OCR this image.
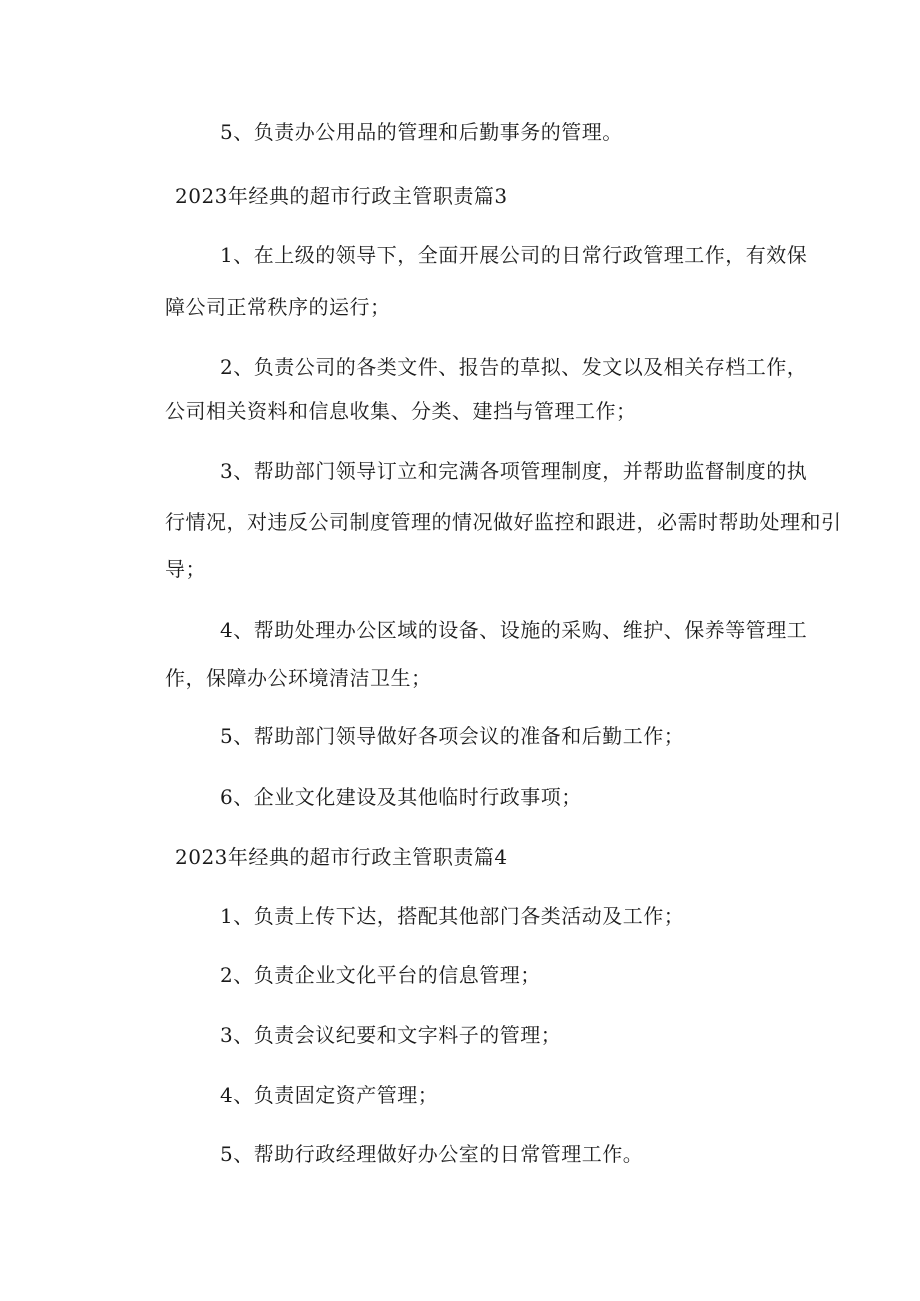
5、负责办公用品的管理和后勤事务的管理。
2023年经典的超市行政主管职责篇3
1、在上级的领导下，全面开展公司的日常行政管理工作，有效保
障公司正常秩序的运行；
2、负责公司的各类文件、报告的草拟、发文以及相关存档工作，
公司相关资料和信息收集、分类、建挡与管理工作；
3、帮助部门领导订立和完满各项管理制度，并帮助监督制度的执
行情况，对违反公司制度管理的情况做好监控和跟进，必需时帮助处理和引
导；
4、帮助处理办公区域的设备、设施的采购、维护、保养等管理工
作，保障办公环境清洁卫生；
5、帮助部门领导做好各项会议的准备和后勤工作；
6、企业文化建设及其他临时行政事项；
2023年经典的超市行政主管职责篇4
1、负责上传下达，搭配其他部门各类活动及工作；
2、负责企业文化平台的信息管理；
3、负责会议纪要和文字料子的管理；
4、负责固定资产管理；
5、帮助行政经理做好办公室的日常管理工作。
